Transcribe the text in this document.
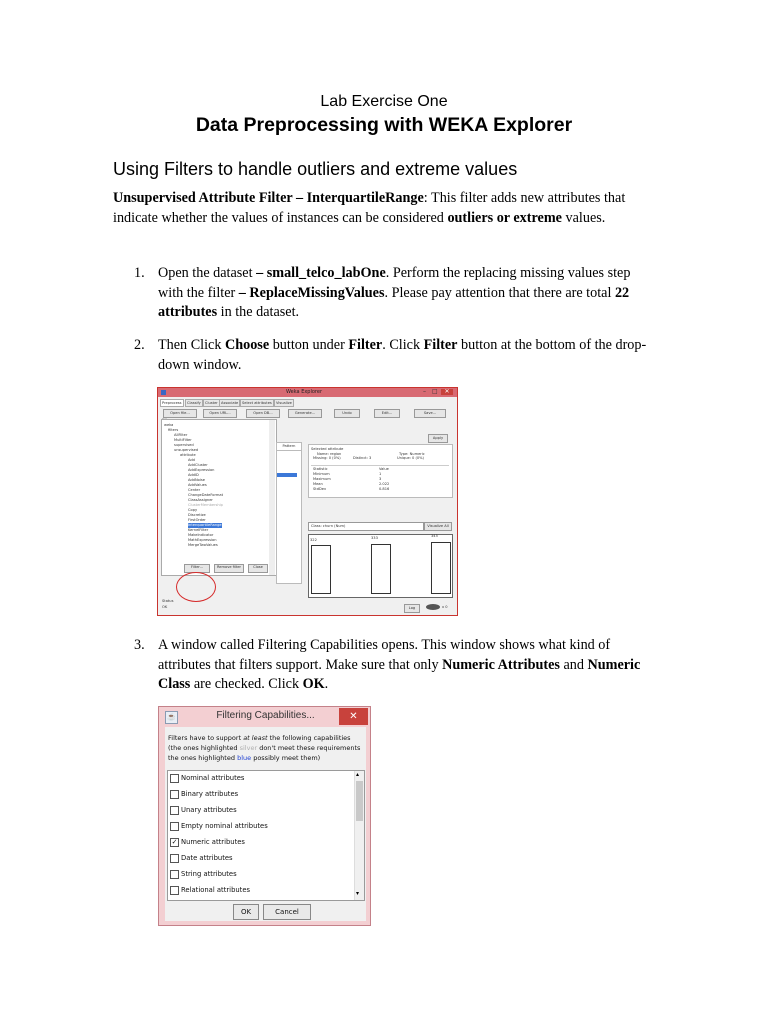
Lab Exercise One
Data Preprocessing with WEKA Explorer
Using Filters to handle outliers and extreme values
Unsupervised Attribute Filter – InterquartileRange: This filter adds new attributes that indicate whether the values of instances can be considered outliers or extreme values.
1. Open the dataset – small_telco_labOne. Perform the replacing missing values step with the filter – ReplaceMissingValues. Please pay attention that there are total 22 attributes in the dataset.
2. Then Click Choose button under Filter. Click Filter button at the bottom of the drop-down window.
Weka Explorer	– □	✕
Preprocess	Classify	Cluster Associate	Select attributes	Visualize
Open file...	Open URL...	Open DB...	Generate...	Undo	Edit...	Save...
Apply
weka
filters
AllFilter
MultiFilter
supervised
unsupervised
attribute
Add
AddCluster
AddExpression
AddID
AddNoise
AddValues
Center
ChangeDateFormat
ClassAssigner
ClusterMembership
Copy
Discretize
FirstOrder
InterquartileRange
KernelFilter
MakeIndicator
MathExpression
MergeTwoValues
Filter...	Remove filter	Close
Pattern
Selected attribute
Name: region	Type: Numeric
Missing: 0 (0%)	Distinct: 3	Unique: 0 (0%)
Statistic	Value
Minimum	1
Maximum	3
Mean	2.022
StdDev	0.816
Class: churn (Num)	Visualize All
322	333	345
Status
OK	Log	x 0
3. A window called Filtering Capabilities opens. This window shows what kind of attributes that filters support. Make sure that only Numeric Attributes and Numeric Class are checked. Click OK.
☕	Filtering Capabilities...	✕
Filters have to support at least the following capabilities
(the ones highlighted silver don't meet these requirements
the ones highlighted blue possibly meet them)
Nominal attributes
Binary attributes
Unary attributes
Empty nominal attributes
✓ Numeric attributes
Date attributes
String attributes
Relational attributes
▴
▾
OK	Cancel
